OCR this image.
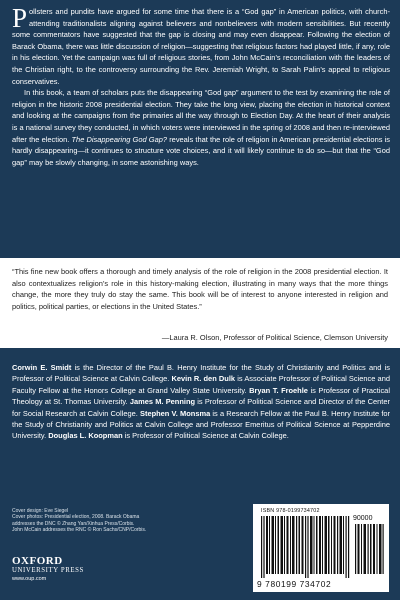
Pollsters and pundits have argued for some time that there is a “God gap” in American politics, with church-attending traditionalists aligning against believers and nonbelievers with modern sensibilities. But recently some commentators have suggested that the gap is closing and may even disappear. Following the election of Barack Obama, there was little discussion of religion—suggesting that religious factors had played little, if any, role in his election. Yet the campaign was full of religious stories, from John McCain’s reconciliation with the leaders of the Christian right, to the controversy surrounding the Rev. Jeremiah Wright, to Sarah Palin’s appeal to religious conservatives.

In this book, a team of scholars puts the disappearing “God gap” argument to the test by examining the role of religion in the historic 2008 presidential election. They take the long view, placing the election in historical context and looking at the campaigns from the primaries all the way through to Election Day. At the heart of their analysis is a national survey they conducted, in which voters were interviewed in the spring of 2008 and then re-interviewed after the election. The Disappearing God Gap? reveals that the role of religion in American presidential elections is hardly disappearing—it continues to structure vote choices, and it will likely continue to do so—but that the “God gap” may be slowly changing, in some astonishing ways.

“This fine new book offers a thorough and timely analysis of the role of religion in the 2008 presidential election. It also contextualizes religion’s role in this history-making election, illustrating in many ways that the more things change, the more they truly do stay the same. This book will be of interest to anyone interested in religion and politics, political parties, or elections in the United States.”

—Laura R. Olson, Professor of Political Science, Clemson University

Corwin E. Smidt is the Director of the Paul B. Henry Institute for the Study of Christianity and Politics and is Professor of Political Science at Calvin College. Kevin R. den Dulk is Associate Professor of Political Science and Faculty Fellow at the Honors College at Grand Valley State University. Bryan T. Froehle is Professor of Practical Theology at St. Thomas University. James M. Penning is Professor of Political Science and Director of the Center for Social Research at Calvin College. Stephen V. Monsma is a Research Fellow at the Paul B. Henry Institute for the Study of Christianity and Politics at Calvin College and Professor Emeritus of Political Science at Pepperdine University. Douglas L. Koopman is Professor of Political Science at Calvin College.

Cover design: Eve Siegel
Cover photos: Presidential election, 2008. Barack Obama
addresses the DNC © Zhang Yan/Xinhua Press/Corbis.
John McCain addresses the RNC © Ron Sachs/CNP/Corbis.
OXFORD
UNIVERSITY PRESS
www.oup.com
ISBN 978-0199734702
90000
9 780199 734702
